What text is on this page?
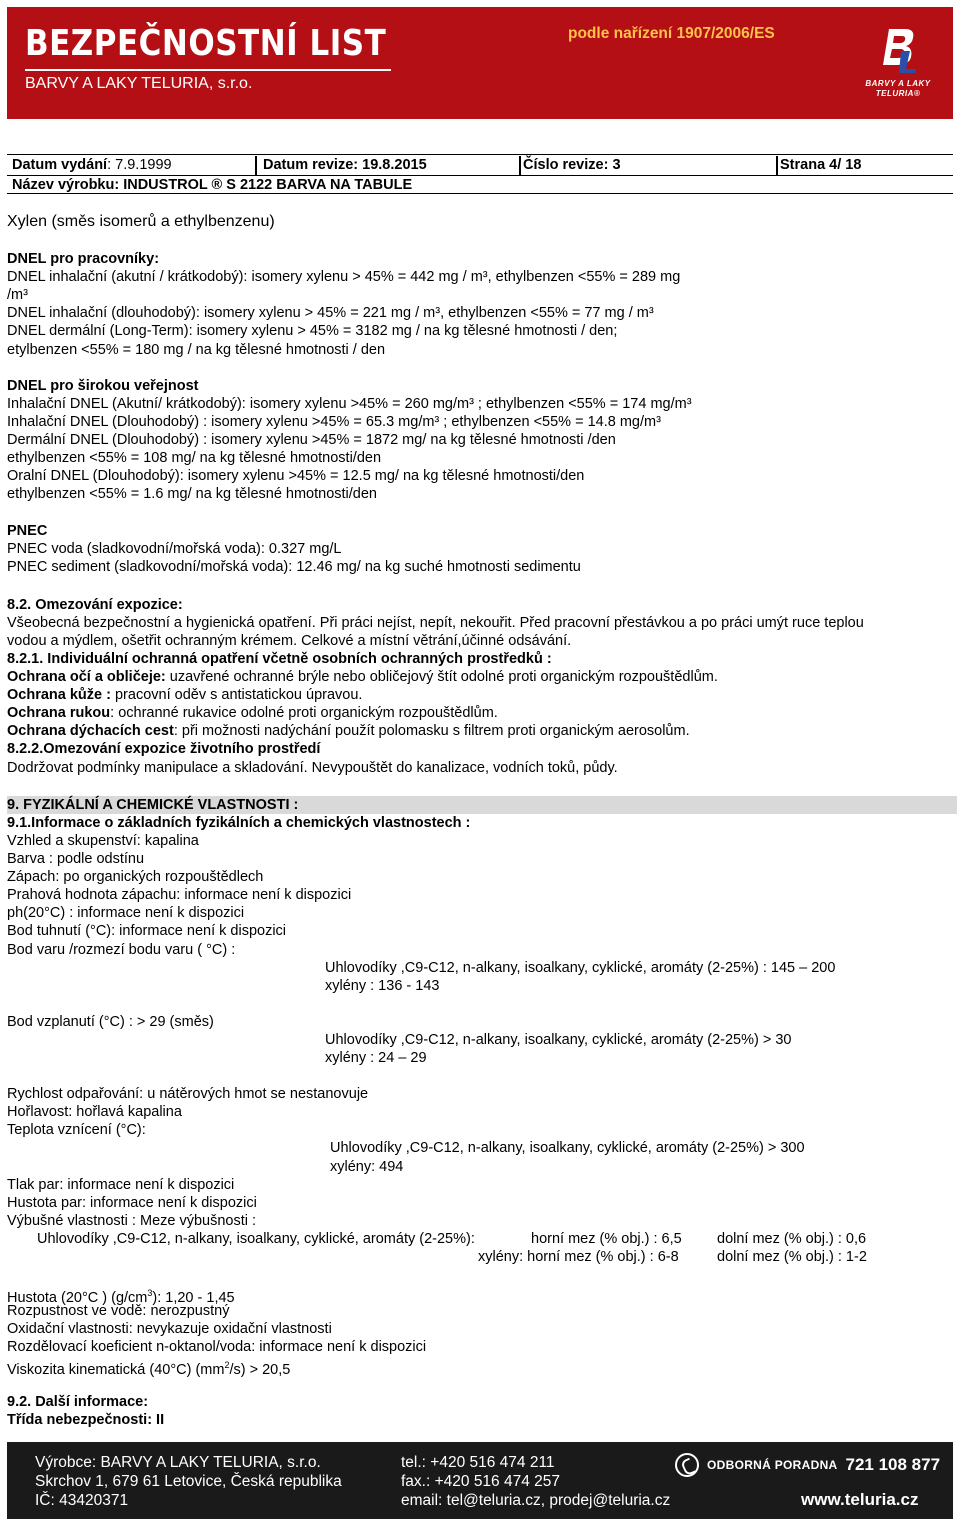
BEZPEČNOSTNÍ LIST
BARVY A LAKY TELURIA, s.r.o.
podle nařízení 1907/2006/ES
BARVY A LAKY
TELURIA®
Datum vydání: 7.9.1999	Datum revize: 19.8.2015	Číslo revize: 3	Strana 4/ 18
Název výrobku: INDUSTROL ® S 2122 BARVA NA TABULE
Xylen (směs isomerů a ethylbenzenu)
DNEL pro pracovníky:
DNEL inhalační (akutní / krátkodobý): isomery xylenu > 45% = 442 mg / m³, ethylbenzen <55% = 289 mg
/m³
DNEL inhalační (dlouhodobý): isomery xylenu > 45% = 221 mg / m³, ethylbenzen <55% = 77 mg / m³
DNEL dermální (Long-Term): isomery xylenu > 45% = 3182 mg / na kg tělesné hmotnosti / den;
etylbenzen <55% = 180 mg / na kg tělesné hmotnosti / den
DNEL pro širokou veřejnost
Inhalační DNEL (Akutní/ krátkodobý): isomery xylenu >45% = 260 mg/m³ ; ethylbenzen <55% = 174 mg/m³
Inhalační DNEL (Dlouhodobý) : isomery xylenu >45% = 65.3 mg/m³ ; ethylbenzen <55% = 14.8 mg/m³
Dermální DNEL (Dlouhodobý) : isomery xylenu >45% = 1872 mg/ na kg tělesné hmotnosti /den
ethylbenzen <55% = 108 mg/ na kg tělesné hmotnosti/den
Oralní DNEL (Dlouhodobý): isomery xylenu >45% = 12.5 mg/ na kg tělesné hmotnosti/den
ethylbenzen <55% = 1.6 mg/ na kg tělesné hmotnosti/den
PNEC
PNEC voda (sladkovodní/mořská voda): 0.327 mg/L
PNEC sediment (sladkovodní/mořská voda): 12.46 mg/ na kg suché hmotnosti sedimentu
8.2. Omezování expozice:
Všeobecná bezpečnostní a hygienická opatření. Při práci nejíst, nepít, nekouřit. Před pracovní přestávkou a po práci umýt ruce teplou
vodou a mýdlem, ošetřit ochranným krémem. Celkové a místní větrání,účinné odsávání.
8.2.1. Individuální ochranná opatření včetně osobních ochranných prostředků :
Ochrana očí a obličeje: uzavřené ochranné brýle nebo obličejový štít odolné proti organickým rozpouštědlům.
Ochrana kůže : pracovní oděv s antistatickou úpravou.
Ochrana rukou: ochranné rukavice odolné proti organickým rozpouštědlům.
Ochrana dýchacích cest: při možnosti nadýchání použít polomasku s filtrem proti organickým aerosolům.
8.2.2.Omezování expozice životního prostředí
Dodržovat podmínky manipulace a skladování. Nevypouštět do kanalizace, vodních toků, půdy.
9. FYZIKÁLNÍ A CHEMICKÉ VLASTNOSTI :
9.1.Informace o základních fyzikálních a chemických vlastnostech :
Vzhled a skupenství: kapalina
Barva : podle odstínu
Zápach: po organických rozpouštědlech
Prahová hodnota zápachu: informace není k dispozici
ph(20°C) : informace není k dispozici
Bod tuhnutí (°C): informace není k dispozici
Bod varu /rozmezí bodu varu ( °C) :
Uhlovodíky ,C9-C12, n-alkany, isoalkany, cyklické, aromáty (2-25%) : 145 – 200
xylény : 136 - 143
Bod vzplanutí (°C) : > 29 (směs)
Uhlovodíky ,C9-C12, n-alkany, isoalkany, cyklické, aromáty (2-25%) > 30
xylény : 24 – 29
Rychlost odpařování: u nátěrových hmot se nestanovuje
Hořlavost: hořlavá kapalina
Teplota vznícení (°C):
Uhlovodíky ,C9-C12, n-alkany, isoalkany, cyklické, aromáty (2-25%) > 300
xylény: 494
Tlak par: informace není k dispozici
Hustota par: informace není k dispozici
Výbušné vlastnosti : Meze výbušnosti :
Uhlovodíky ,C9-C12, n-alkany, isoalkany, cyklické, aromáty (2-25%):	horní mez (% obj.) : 6,5 dolní mez (% obj.) : 0,6
xylény: horní mez (% obj.) : 6-8	dolní mez (% obj.) : 1-2
Hustota (20°C ) $(g/cm^3)$: 1,20 - 1,45
Rozpustnost ve vodě: nerozpustný
Oxidační vlastnosti: nevykazuje oxidační vlastnosti
Rozdělovací koeficient n-oktanol/voda: informace není k dispozici
Viskozita kinematická (40°C) $(mm^2/s) > 20,5$
9.2. Další informace:
Třída nebezpečnosti: II
Výrobce: BARVY A LAKY TELURIA, s.r.o.
Skrchov 1, 679 61 Letovice, Česká republika
IČ: 43420371
tel.: +420 516 474 211
fax.: +420 516 474 257
email: tel@teluria.cz, prodej@teluria.cz
ODBORNÁ PORADNA 721 108 877
www.teluria.cz
